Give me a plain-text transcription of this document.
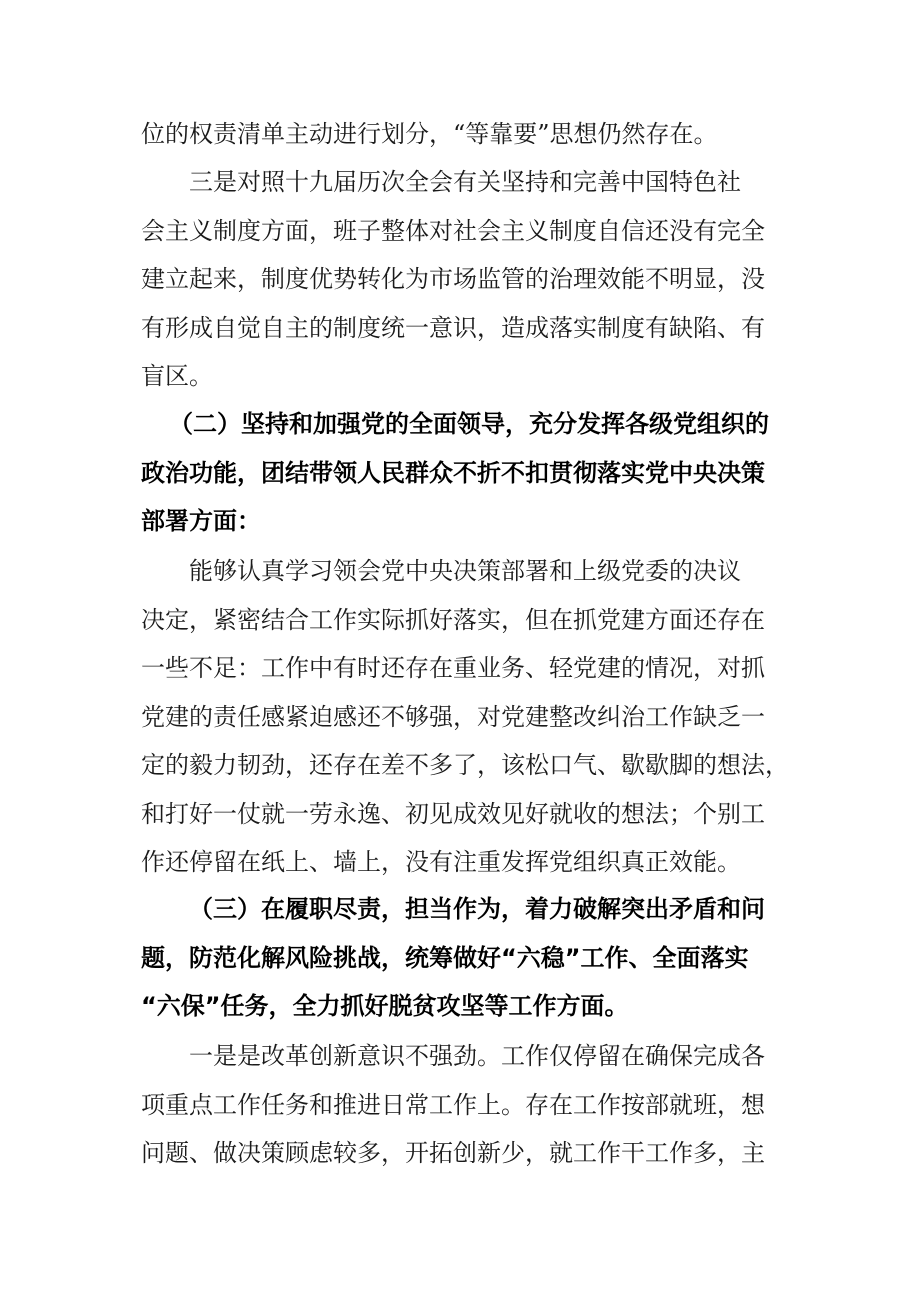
位的权责清单主动进行划分，“等靠要”思想仍然存在。
三是对照十九届历次全会有关坚持和完善中国特色社
会主义制度方面，班子整体对社会主义制度自信还没有完全
建立起来，制度优势转化为市场监管的治理效能不明显，没
有形成自觉自主的制度统一意识，造成落实制度有缺陷、有
盲区。
（二）坚持和加强党的全面领导，充分发挥各级党组织的
政治功能，团结带领人民群众不折不扣贯彻落实党中央决策
部署方面：
能够认真学习领会党中央决策部署和上级党委的决议
决定，紧密结合工作实际抓好落实，但在抓党建方面还存在
一些不足：工作中有时还存在重业务、轻党建的情况，对抓
党建的责任感紧迫感还不够强，对党建整改纠治工作缺乏一
定的毅力韧劲，还存在差不多了，该松口气、歇歇脚的想法，
和打好一仗就一劳永逸、初见成效见好就收的想法；个别工
作还停留在纸上、墙上，没有注重发挥党组织真正效能。
（三）在履职尽责，担当作为，着力破解突出矛盾和问
题，防范化解风险挑战，统筹做好“六稳”工作、全面落实
“六保”任务，全力抓好脱贫攻坚等工作方面。
一是是改革创新意识不强劲。工作仅停留在确保完成各
项重点工作任务和推进日常工作上。存在工作按部就班，想
问题、做决策顾虑较多，开拓创新少，就工作干工作多，主
